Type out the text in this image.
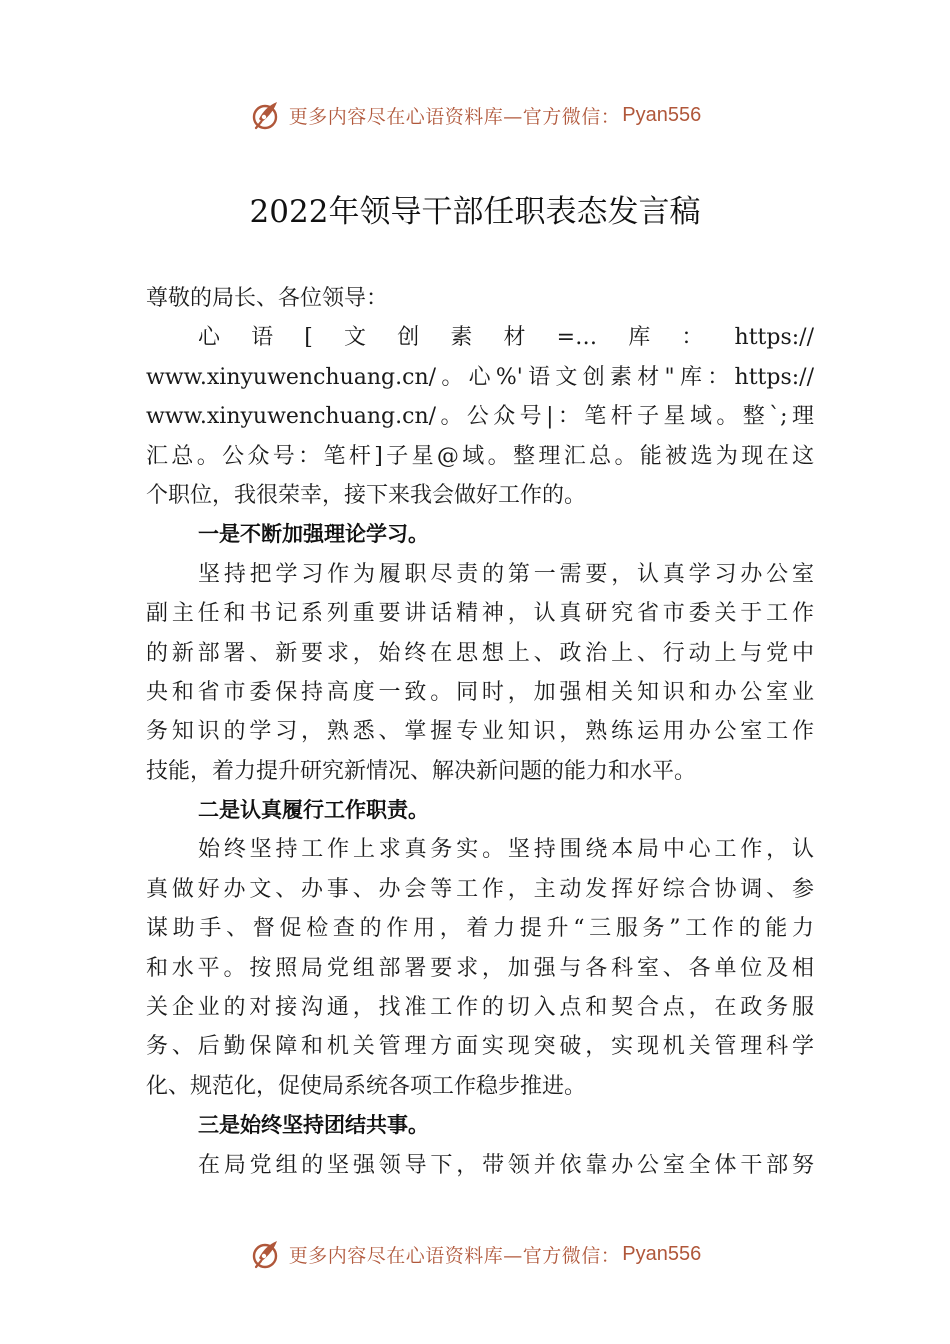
更多内容尽在心语资料库—官方微信： Pyan556
2022年领导干部任职表态发言稿
尊敬的局长、各位领导：
心语[文创素材=…库：https://
www.xinyuwenchuang.cn/。心%'语文创素材"库：https://
www.xinyuwenchuang.cn/。公众号|：笔杆子星域。整`;理
汇总。公众号：笔杆]子星@域。整理汇总。能被选为现在这
个职位，我很荣幸，接下来我会做好工作的。
一是不断加强理论学习。
坚持把学习作为履职尽责的第一需要，认真学习办公室
副主任和书记系列重要讲话精神，认真研究省市委关于工作
的新部署、新要求，始终在思想上、政治上、行动上与党中
央和省市委保持高度一致。同时，加强相关知识和办公室业
务知识的学习，熟悉、掌握专业知识，熟练运用办公室工作
技能，着力提升研究新情况、解决新问题的能力和水平。
二是认真履行工作职责。
始终坚持工作上求真务实。坚持围绕本局中心工作，认
真做好办文、办事、办会等工作，主动发挥好综合协调、参
谋助手、督促检查的作用，着力提升“三服务”工作的能力
和水平。按照局党组部署要求，加强与各科室、各单位及相
关企业的对接沟通，找准工作的切入点和契合点，在政务服
务、后勤保障和机关管理方面实现突破，实现机关管理科学
化、规范化，促使局系统各项工作稳步推进。
三是始终坚持团结共事。
在局党组的坚强领导下，带领并依靠办公室全体干部努
更多内容尽在心语资料库—官方微信： Pyan556
